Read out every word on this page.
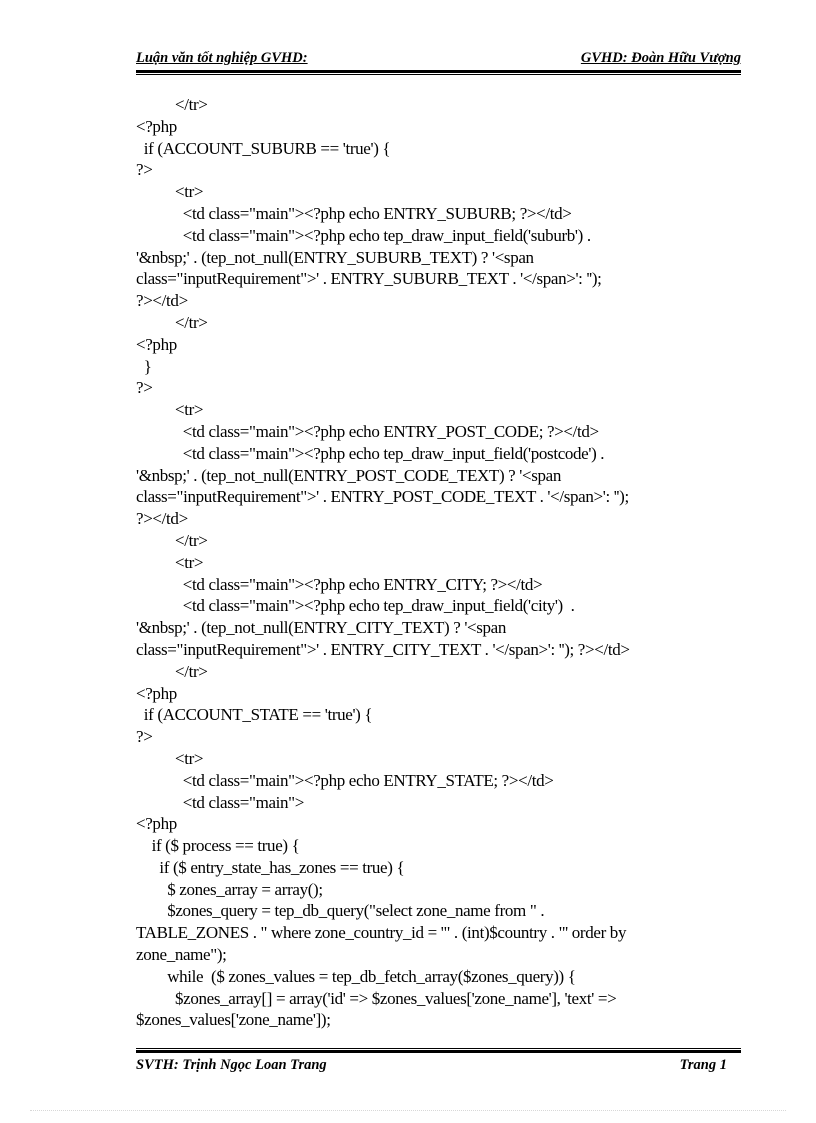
Luận văn tốt nghiệp GVHD:	GVHD: Đoàn Hữu Vượng
</tr>
<?php
if (ACCOUNT_SUBURB == 'true') {
?>
<tr>
<td class="main"><?php echo ENTRY_SUBURB; ?></td>
<td class="main"><?php echo tep_draw_input_field('suburb') .
'&nbsp;' . (tep_not_null(ENTRY_SUBURB_TEXT) ? '<span
class="inputRequirement">' . ENTRY_SUBURB_TEXT . '</span>': '');
?></td>
</tr>
<?php
}
?>
<tr>
<td class="main"><?php echo ENTRY_POST_CODE; ?></td>
<td class="main"><?php echo tep_draw_input_field('postcode') .
'&nbsp;' . (tep_not_null(ENTRY_POST_CODE_TEXT) ? '<span
class="inputRequirement">' . ENTRY_POST_CODE_TEXT . '</span>': '');
?></td>
</tr>
<tr>
<td class="main"><?php echo ENTRY_CITY; ?></td>
<td class="main"><?php echo tep_draw_input_field('city')  .
'&nbsp;' . (tep_not_null(ENTRY_CITY_TEXT) ? '<span
class="inputRequirement">' . ENTRY_CITY_TEXT . '</span>': ''); ?></td>
</tr>
<?php
if (ACCOUNT_STATE == 'true') {
?>
<tr>
<td class="main"><?php echo ENTRY_STATE; ?></td>
<td class="main">
<?php
if ($ process == true) {
if ($ entry_state_has_zones == true) {
$ zones_array = array();
$zones_query = tep_db_query("select zone_name from " .
TABLE_ZONES . " where zone_country_id = '" . (int)$country . "' order by
zone_name");
while  ($ zones_values = tep_db_fetch_array($zones_query)) {
$zones_array[] = array('id' => $zones_values['zone_name'], 'text' =>
$zones_values['zone_name']);
SVTH: Trịnh Ngọc Loan Trang	Trang 1
